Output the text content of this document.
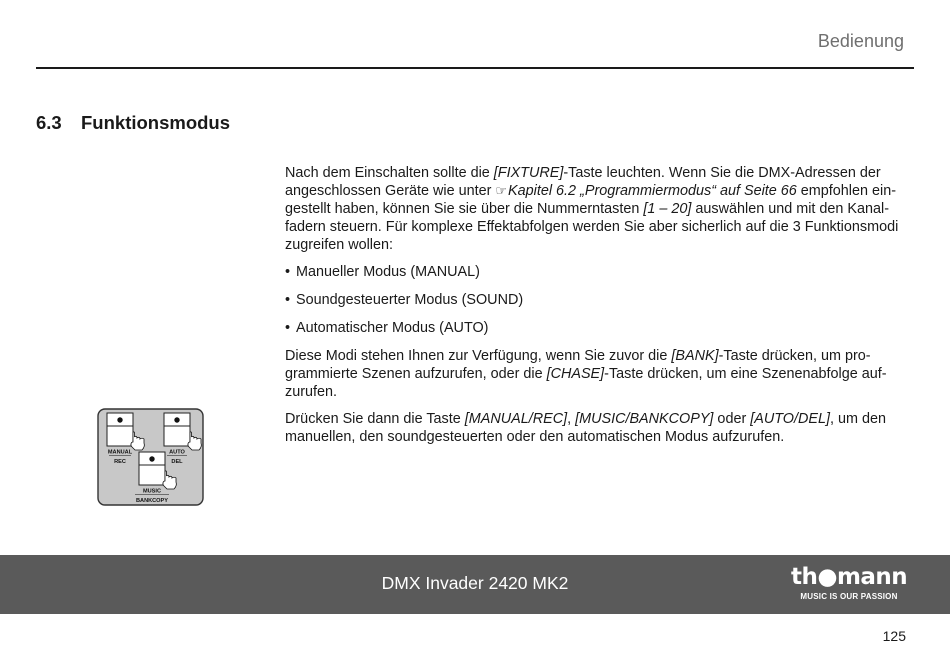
Bedienung
6.3 Funktionsmodus

Nach dem Einschalten sollte die [FIXTURE]-Taste leuchten. Wenn Sie die DMX-Adressen der angeschlossen Geräte wie unter ☞Kapitel 6.2 „Programmiermodus“ auf Seite 66 empfohlen eingestellt haben, können Sie sie über die Nummerntasten [1 – 20] auswählen und mit den Kanalfadern steuern. Für komplexe Effektabfolgen werden Sie aber sicherlich auf die 3 Funktionsmodi zugreifen wollen:

• Manueller Modus (MANUAL)
• Soundgesteuerter Modus (SOUND)
• Automatischer Modus (AUTO)

Diese Modi stehen Ihnen zur Verfügung, wenn Sie zuvor die [BANK]-Taste drücken, um programmierte Szenen aufzurufen, oder die [CHASE]-Taste drücken, um eine Szenenabfolge aufzurufen.

Drücken Sie dann die Taste [MANUAL/REC], [MUSIC/BANKCOPY] oder [AUTO/DEL], um den manuellen, den soundgesteuerten oder den automatischen Modus aufzurufen.

MANUAL
REC
AUTO
DEL
MUSIC
BANKCOPY
DMX Invader 2420 MK2	th●mann
MUSIC IS OUR PASSION
125
